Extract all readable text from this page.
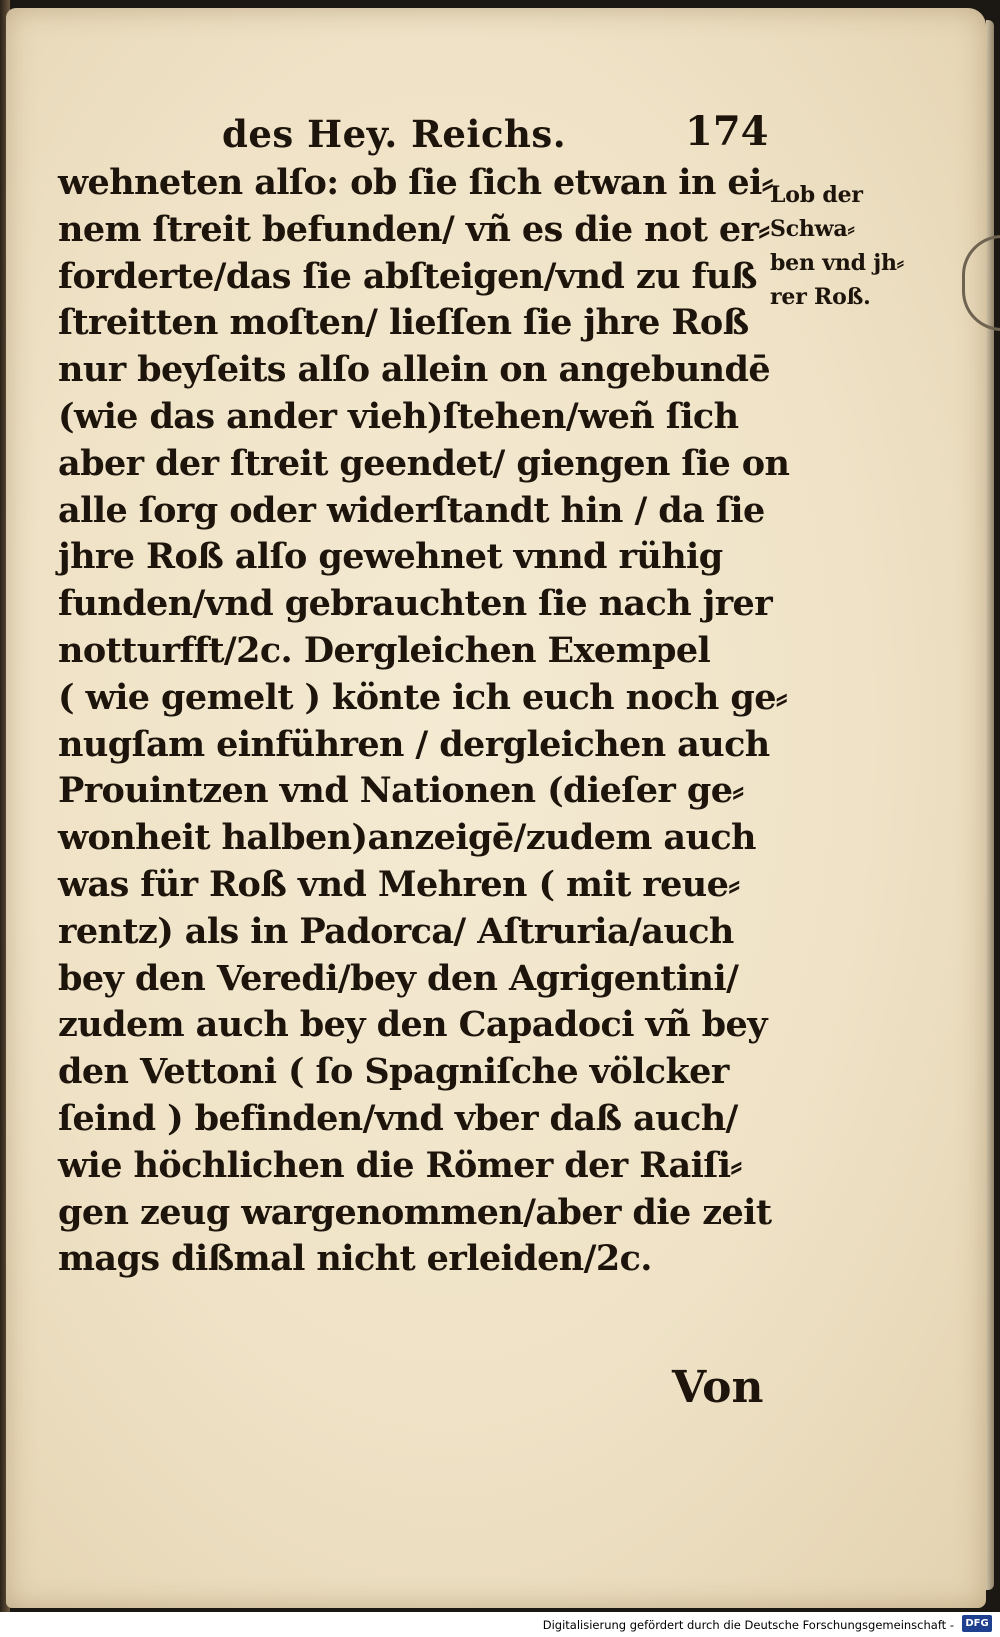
des Hey. Reichs.	174
wehneten alſo: ob ſie ſich etwan in ei⸗
nem ſtreit befunden/ vñ es die not er⸗
forderte/das ſie abſteigen/vnd zu fuß
ſtreitten moſten/ lieſſen ſie jhre Roß
nur beyſeits alſo allein on angebundē
(wie das ander vieh)ſtehen/weñ ſich
aber der ſtreit geendet/ giengen ſie on
alle ſorg oder widerſtandt hin / da ſie
jhre Roß alſo gewehnet vnnd rühig
funden/vnd gebrauchten ſie nach jrer
notturfft/2c. Dergleichen Exempel
( wie gemelt ) könte ich euch noch ge⸗
nugſam einführen / dergleichen auch
Prouintzen vnd Nationen (dieſer ge⸗
wonheit halben)anzeigē/zudem auch
was für Roß vnd Mehren ( mit reue⸗
rentz) als in Padorca/ Aſtruria/auch
bey den Veredi/bey den Agrigentini/
zudem auch bey den Capadoci vñ bey
den Vettoni ( ſo Spagniſche völcker
ſeind ) befinden/vnd vber daß auch/
wie höchlichen die Römer der Raiſi⸗
gen zeug wargenommen/aber die zeit
mags dißmal nicht erleiden/2c.
Lob der
Schwa⸗
ben vnd jh⸗
rer Roß.
Von
Digitalisierung gefördert durch die Deutsche Forschungsgemeinschaft -	DFG
